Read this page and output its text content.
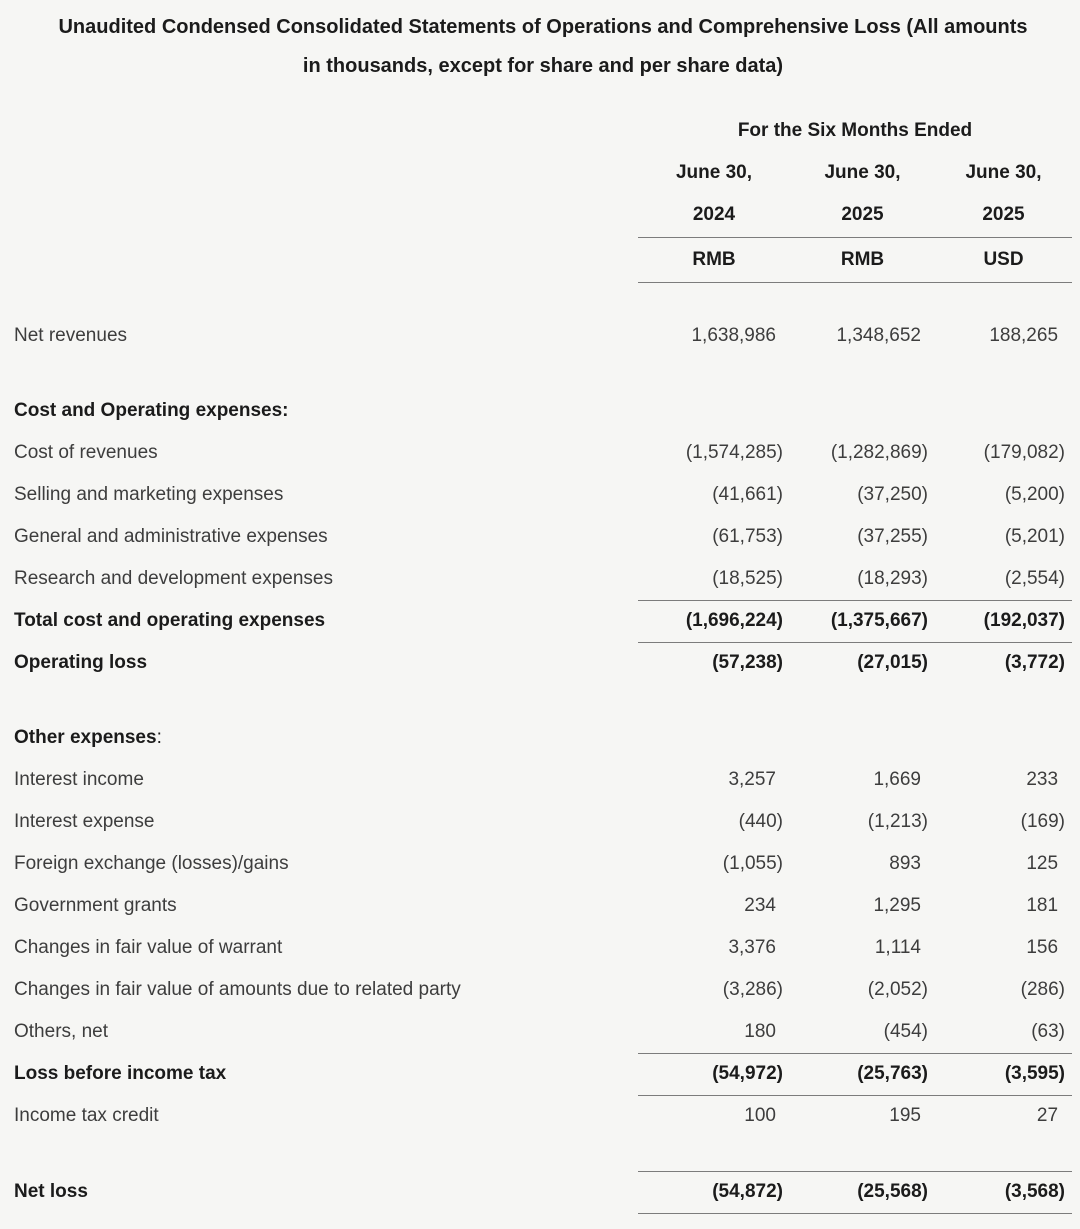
Unaudited Condensed Consolidated Statements of Operations and Comprehensive Loss (All amounts
in thousands, except for share and per share data)
	For the Six Months Ended		
	June 30,	June 30,	June 30,
	2024	2025	2025
	RMB	RMB	USD

Net revenues	1,638,986	1,348,652	188,265

Cost and Operating expenses:			
Cost of revenues	(1,574,285)	(1,282,869)	(179,082)
Selling and marketing expenses	(41,661)	(37,250)	(5,200)
General and administrative expenses	(61,753)	(37,255)	(5,201)
Research and development expenses	(18,525)	(18,293)	(2,554)
Total cost and operating expenses	(1,696,224)	(1,375,667)	(192,037)
Operating loss	(57,238)	(27,015)	(3,772)

Other expenses:			
Interest income	3,257	1,669	233
Interest expense	(440)	(1,213)	(169)
Foreign exchange (losses)/gains	(1,055)	893	125
Government grants	234	1,295	181
Changes in fair value of warrant	3,376	1,114	156
Changes in fair value of amounts due to related party	(3,286)	(2,052)	(286)
Others, net	180	(454)	(63)
Loss before income tax	(54,972)	(25,763)	(3,595)
Income tax credit	100	195	27

Net loss	(54,872)	(25,568)	(3,568)
